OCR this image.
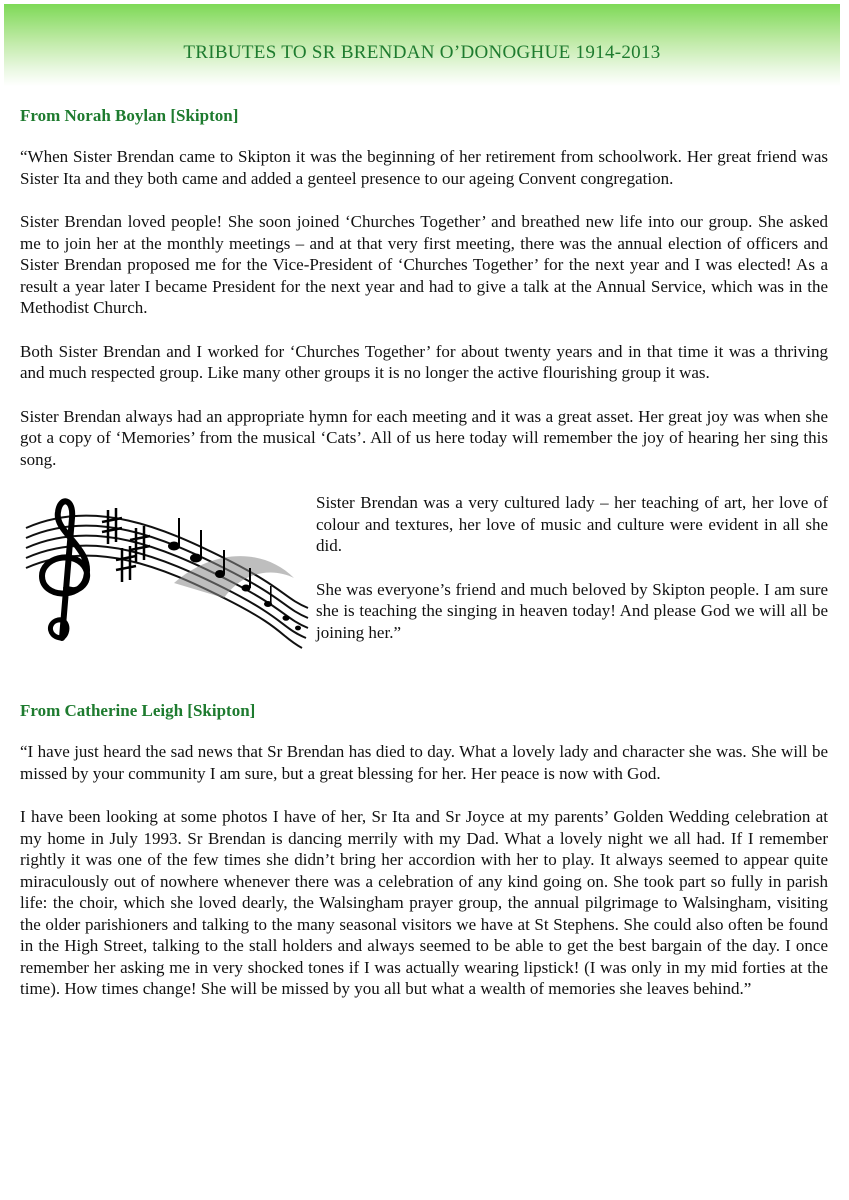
TRIBUTES TO SR BRENDAN O’DONOGHUE 1914-2013
From Norah Boylan [Skipton]

“When Sister Brendan came to Skipton it was the beginning of her retirement from schoolwork. Her great friend was Sister Ita and they both came and added a genteel presence to our ageing Convent congregation.

Sister Brendan loved people! She soon joined ‘Churches Together’ and breathed new life into our group. She asked me to join her at the monthly meetings – and at that very first meeting, there was the annual election of officers and Sister Brendan proposed me for the Vice-President of ‘Churches Together’ for the next year and I was elected! As a result a year later I became President for the next year and had to give a talk at the Annual Service, which was in the Methodist Church.

Both Sister Brendan and I worked for ‘Churches Together’ for about twenty years and in that time it was a thriving and much respected group. Like many other groups it is no longer the active flourishing group it was.

Sister Brendan always had an appropriate hymn for each meeting and it was a great asset. Her great joy was when she got a copy of ‘Memories’ from the musical ‘Cats’. All of us here today will remember the joy of hearing her sing this song.

Sister Brendan was a very cultured lady – her teaching of art, her love of colour and textures, her love of music and culture were evident in all she did.

She was everyone’s friend and much beloved by Skipton people. I am sure she is teaching the singing in heaven today! And please God we will all be joining her.”

From Catherine Leigh [Skipton]

“I have just heard the sad news that Sr Brendan has died to day. What a lovely lady and character she was. She will be missed by your community I am sure, but a great blessing for her. Her peace is now with God.

I have been looking at some photos I have of her, Sr Ita and Sr Joyce at my parents’ Golden Wedding celebration at my home in July 1993. Sr Brendan is dancing merrily with my Dad. What a lovely night we all had. If I remember rightly it was one of the few times she didn’t bring her accordion with her to play. It always seemed to appear quite miraculously out of nowhere whenever there was a celebration of any kind going on. She took part so fully in parish life: the choir, which she loved dearly, the Walsingham prayer group, the annual pilgrimage to Walsingham, visiting the older parishioners and talking to the many seasonal visitors we have at St Stephens. She could also often be found in the High Street, talking to the stall holders and always seemed to be able to get the best bargain of the day. I once remember her asking me in very shocked tones if I was actually wearing lipstick! (I was only in my mid forties at the time). How times change! She will be missed by you all but what a wealth of memories she leaves behind.”
